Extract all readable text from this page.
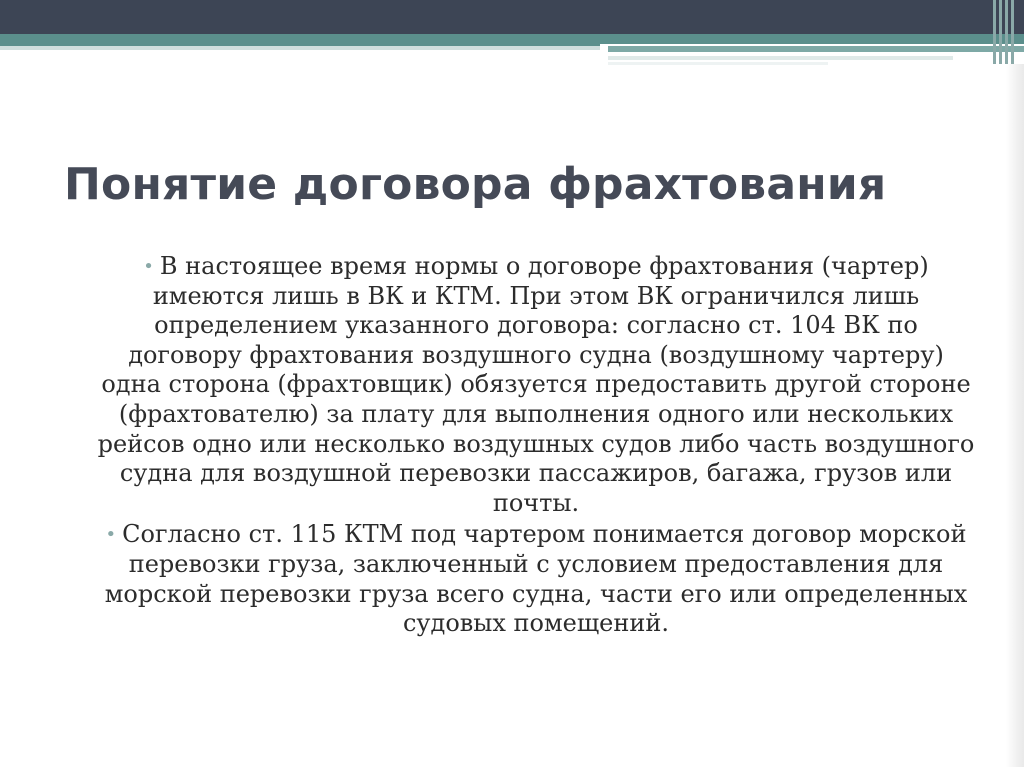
Понятие договора фрахтования
• В настоящее время нормы о договоре фрахтования (чартер) имеются лишь в ВК и КТМ. При этом ВК ограничился лишь определением указанного договора: согласно ст. 104 ВК по договору фрахтования воздушного судна (воздушному чартеру) одна сторона (фрахтовщик) обязуется предоставить другой стороне (фрахтователю) за плату для выполнения одного или нескольких рейсов одно или несколько воздушных судов либо часть воздушного судна для воздушной перевозки пассажиров, багажа, грузов или почты.
• Согласно ст. 115 КТМ под чартером понимается договор морской перевозки груза, заключенный с условием предоставления для морской перевозки груза всего судна, части его или определенных судовых помещений.
